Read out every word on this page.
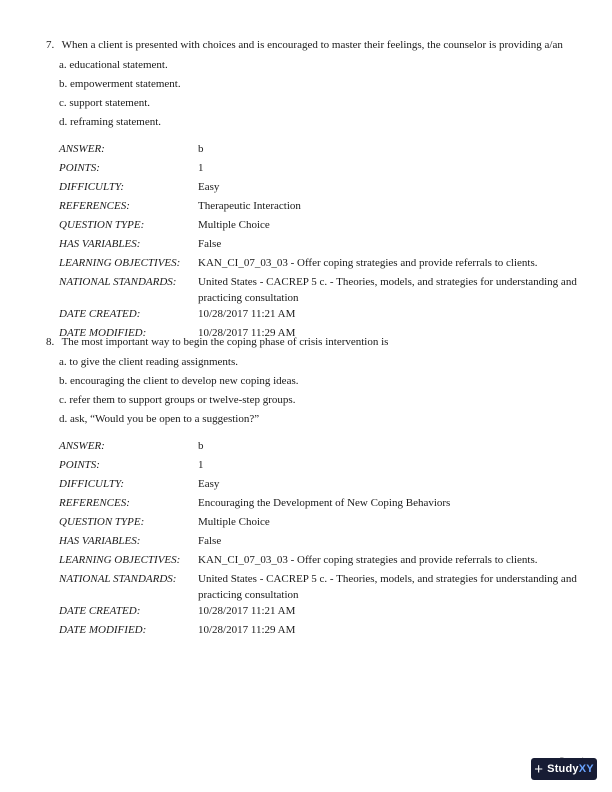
7. When a client is presented with choices and is encouraged to master their feelings, the counselor is providing a/an

a. educational statement.
b. empowerment statement.
c. support statement.
d. reframing statement.
ANSWER:	b
POINTS:	1
DIFFICULTY:	Easy
REFERENCES:	Therapeutic Interaction
QUESTION TYPE:	Multiple Choice
HAS VARIABLES:	False
LEARNING OBJECTIVES:	KAN_CI_07_03_03 - Offer coping strategies and provide referrals to clients.
NATIONAL STANDARDS:	United States - CACREP 5 c. - Theories, models, and strategies for understanding and practicing consultation
DATE CREATED:	10/28/2017 11:21 AM
DATE MODIFIED:	10/28/2017 11:29 AM

8. The most important way to begin the coping phase of crisis intervention is

a. to give the client reading assignments.
b. encouraging the client to develop new coping ideas.
c. refer them to support groups or twelve-step groups.
d. ask, “Would you be open to a suggestion?”
ANSWER:	b
POINTS:	1
DIFFICULTY:	Easy
REFERENCES:	Encouraging the Development of New Coping Behaviors
QUESTION TYPE:	Multiple Choice
HAS VARIABLES:	False
LEARNING OBJECTIVES:	KAN_CI_07_03_03 - Offer coping strategies and provide referrals to clients.
NATIONAL STANDARDS:	United States - CACREP 5 c. - Theories, models, and strategies for understanding and practicing consultation
DATE CREATED:	10/28/2017 11:21 AM
DATE MODIFIED:	10/28/2017 11:29 AM
+ Study XY
